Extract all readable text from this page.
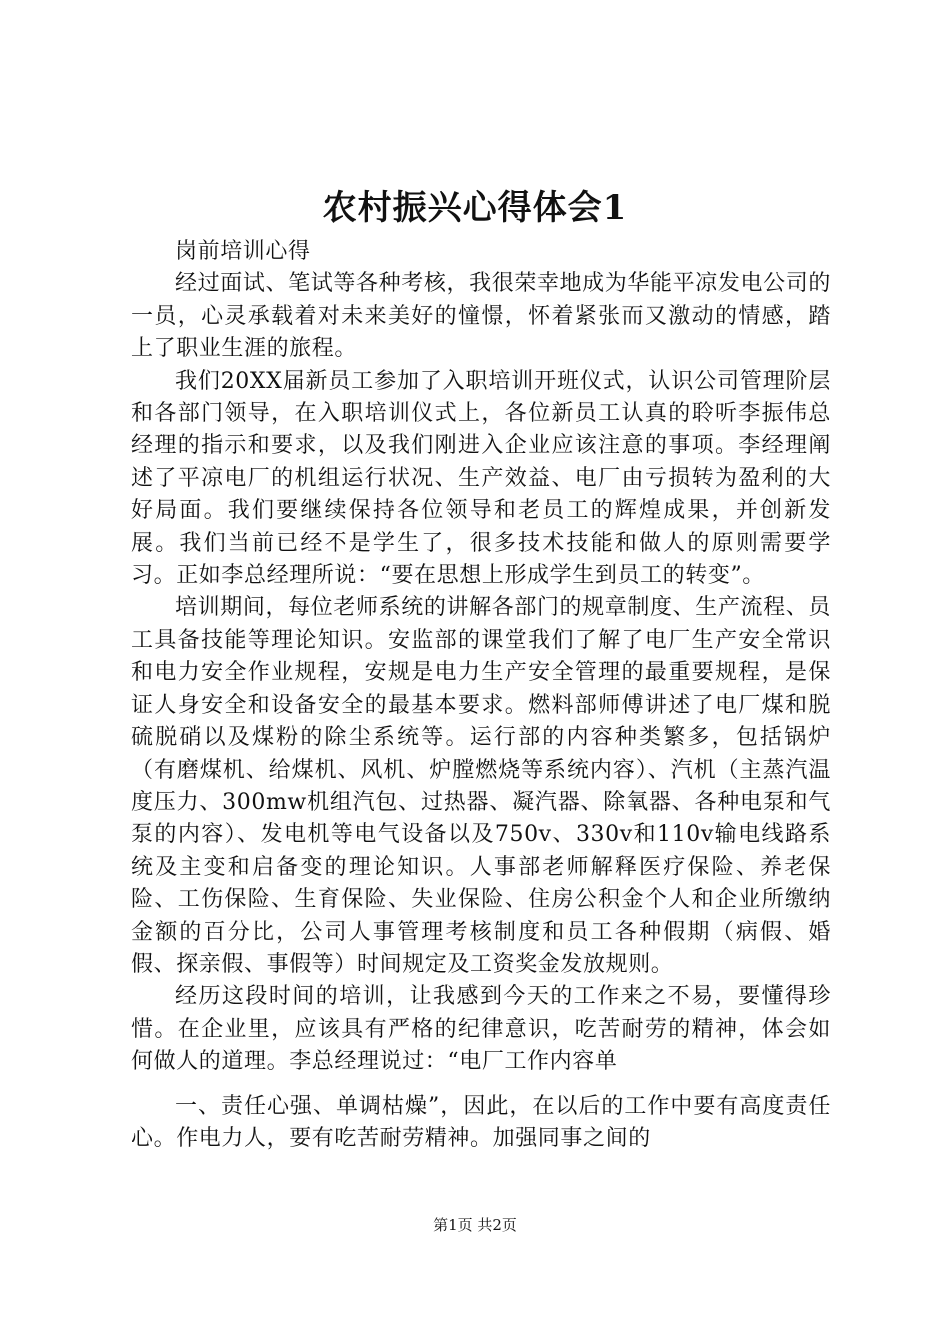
农村振兴心得体会1

岗前培训心得

经过面试、笔试等各种考核，我很荣幸地成为华能平凉发电公司的一员，心灵承载着对未来美好的憧憬，怀着紧张而又激动的情感，踏上了职业生涯的旅程。

我们20XX届新员工参加了入职培训开班仪式，认识公司管理阶层和各部门领导，在入职培训仪式上，各位新员工认真的聆听李振伟总经理的指示和要求，以及我们刚进入企业应该注意的事项。李经理阐述了平凉电厂的机组运行状况、生产效益、电厂由亏损转为盈利的大好局面。我们要继续保持各位领导和老员工的辉煌成果，并创新发展。我们当前已经不是学生了，很多技术技能和做人的原则需要学习。正如李总经理所说：“要在思想上形成学生到员工的转变”。

培训期间，每位老师系统的讲解各部门的规章制度、生产流程、员工具备技能等理论知识。安监部的课堂我们了解了电厂生产安全常识和电力安全作业规程，安规是电力生产安全管理的最重要规程，是保证人身安全和设备安全的最基本要求。燃料部师傅讲述了电厂煤和脱硫脱硝以及煤粉的除尘系统等。运行部的内容种类繁多，包括锅炉（有磨煤机、给煤机、风机、炉膛燃烧等系统内容）、汽机（主蒸汽温度压力、300mw机组汽包、过热器、凝汽器、除氧器、各种电泵和气泵的内容）、发电机等电气设备以及750v、330v和110v输电线路系统及主变和启备变的理论知识。人事部老师解释医疗保险、养老保险、工伤保险、生育保险、失业保险、住房公积金个人和企业所缴纳金额的百分比，公司人事管理考核制度和员工各种假期（病假、婚假、探亲假、事假等）时间规定及工资奖金发放规则。

经历这段时间的培训，让我感到今天的工作来之不易，要懂得珍惜。在企业里，应该具有严格的纪律意识，吃苦耐劳的精神，体会如何做人的道理。李总经理说过：“电厂工作内容单

一、责任心强、单调枯燥”，因此，在以后的工作中要有高度责任心。作电力人，要有吃苦耐劳精神。加强同事之间的

第1页 共2页
